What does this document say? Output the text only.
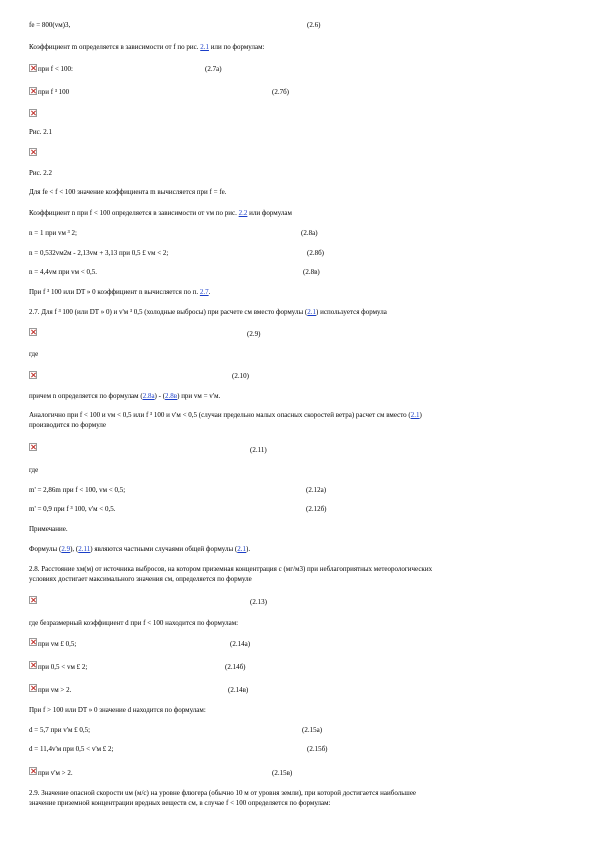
fe = 800(vм)3,	(2.6)
Коэффициент m определяется в зависимости от f по рис. 2.1 или по формулам:
при f < 100:	(2.7а)
при f ³ 100	(2.7б)
Рис. 2.1
Рис. 2.2
Для fe < f < 100 значение коэффициента m вычисляется при f = fe.
Коэффициент n при f < 100 определяется в зависимости от vм по рис. 2.2 или формулам
n = 1 при vм ³ 2;	(2.8а)
n = 0,532vм2м - 2,13vм + 3,13 при 0,5 £ vм < 2;	(2.8б)
n = 4,4vм при vм < 0,5.	(2.8в)
При f ³ 100 или DT » 0 коэффициент n вычисляется по п. 2.7.
2.7. Для f ³ 100 (или DT » 0) и v'м ³ 0,5 (холодные выбросы) при расчете cм вместо формулы (2.1) используется формула
(2.9)
где
(2.10)
причем n определяется по формулам (2.8а) - (2.8в) при vм = v'м.
Аналогично при f < 100 и vм < 0,5 или f ³ 100 и v'м < 0,5 (случаи предельно малых опасных скоростей ветра) расчет cм вместо (2.1)
производится по формуле
(2.11)
где
m' = 2,86m при f < 100, vм < 0,5;	(2.12а)
m' = 0,9 при f ³ 100, v'м < 0,5.	(2.12б)
Примечание.
Формулы (2.9), (2.11) являются частными случаями общей формулы (2.1).
2.8. Расстояние хм(м) от источника выбросов, на котором приземная концентрация с (мг/м3) при неблагоприятных метеорологических
условиях достигает максимального значения cм, определяется по формуле
(2.13)
где безразмерный коэффициент d при f < 100 находится по формулам:
при vм £ 0,5;	(2.14а)
при 0,5 < vм £ 2;	(2.14б)
при vм > 2.	(2.14в)
При f > 100 или DT » 0 значение d находится по формулам:
d = 5,7 при v'м £ 0,5;	(2.15а)
d = 11,4v'м при 0,5 < v'м £ 2;	(2.15б)
при v'м > 2.	(2.15в)
2.9. Значение опасной скорости uм (м/с) на уровне флюгера (обычно 10 м от уровня земли), при которой достигается наибольшее
значение приземной концентрации вредных веществ cм, в случае f < 100 определяется по формулам:
